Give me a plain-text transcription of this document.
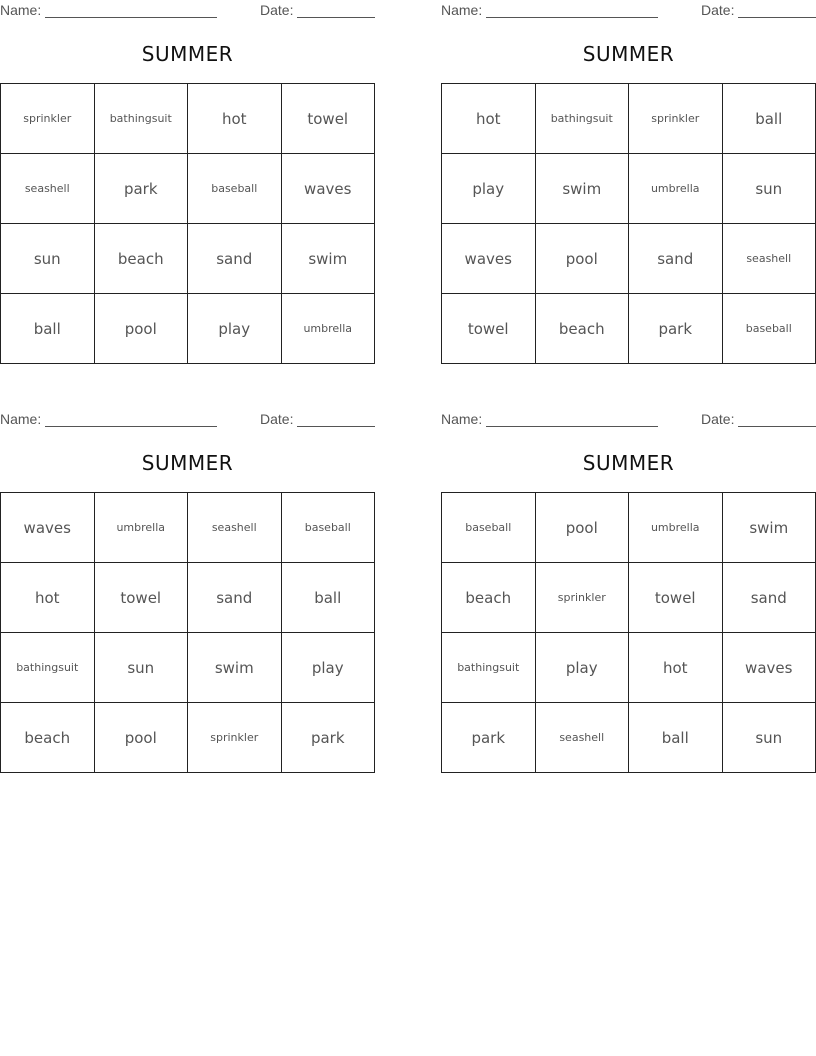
Name:	Date:
SUMMER
sprinkler	bathingsuit	hot	towel
seashell	park	baseball	waves
sun	beach	sand	swim
ball	pool	play	umbrella
Name:	Date:
SUMMER
hot	bathingsuit	sprinkler	ball
play	swim	umbrella	sun
waves	pool	sand	seashell
towel	beach	park	baseball
Name:	Date:
SUMMER
waves	umbrella	seashell	baseball
hot	towel	sand	ball
bathingsuit	sun	swim	play
beach	pool	sprinkler	park
Name:	Date:
SUMMER
baseball	pool	umbrella	swim
beach	sprinkler	towel	sand
bathingsuit	play	hot	waves
park	seashell	ball	sun
